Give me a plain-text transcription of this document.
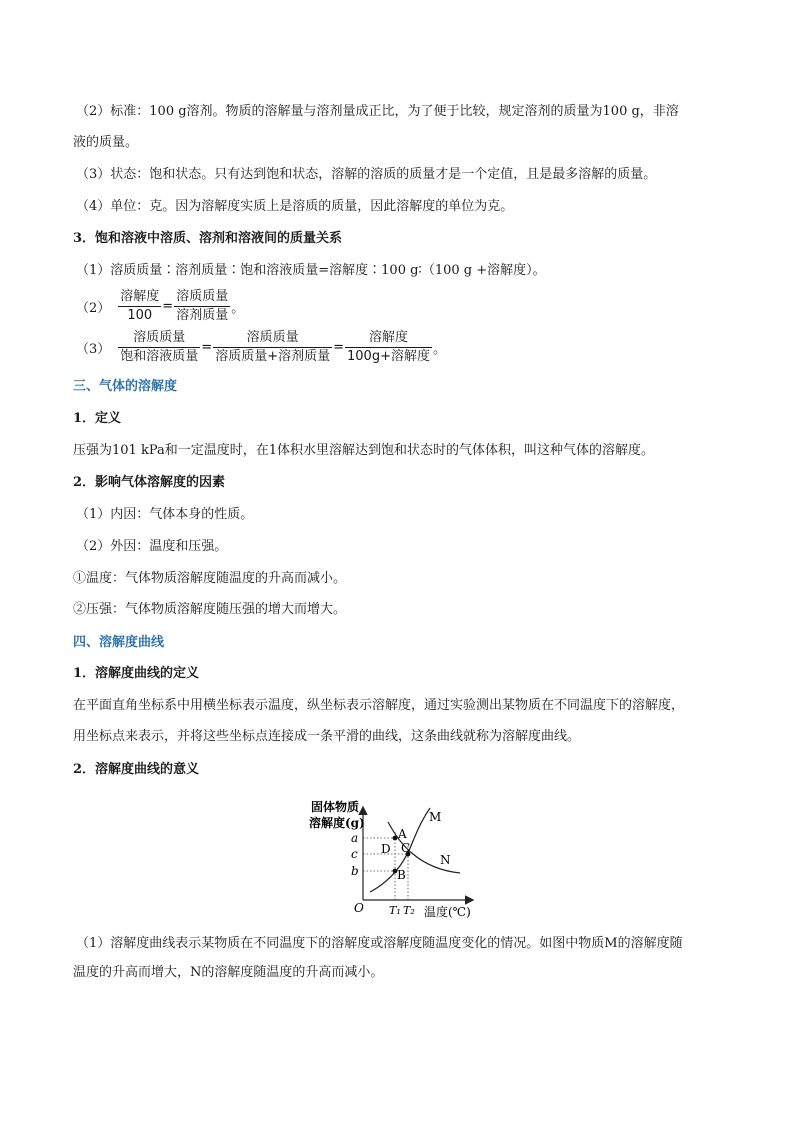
（2）标准：100 g溶剂。物质的溶解量与溶剂量成正比，为了便于比较，规定溶剂的质量为100 g，非溶
液的质量。
（3）状态：饱和状态。只有达到饱和状态，溶解的溶质的质量才是一个定值，且是最多溶解的质量。
（4）单位：克。因为溶解度实质上是溶质的质量，因此溶解度的单位为克。
3．饱和溶液中溶质、溶剂和溶液间的质量关系
（1）溶质质量∶溶剂质量∶饱和溶液质量=溶解度∶100 g∶（100 g +溶解度）。
$(2) \frac{\text{溶解度}}{100} = \frac{\text{溶质质量}}{\text{溶剂质量}}$ 。
$(3) \frac{\text{溶质质量}}{\text{饱和溶液质量}} = \frac{\text{溶质质量}}{\text{溶质质量+溶剂质量}} = \frac{\text{溶解度}}{\text{100g+溶解度}}$ 。
三、气体的溶解度
1．定义
压强为101 kPa和一定温度时，在1体积水里溶解达到饱和状态时的气体体积，叫这种气体的溶解度。
2．影响气体溶解度的因素
（1）内因：气体本身的性质。
（2）外因：温度和压强。
①温度：气体物质溶解度随温度的升高而减小。
②压强：气体物质溶解度随压强的增大而增大。
四、溶解度曲线
1．溶解度曲线的定义
在平面直角坐标系中用横坐标表示温度，纵坐标表示溶解度，通过实验测出某物质在不同温度下的溶解度，
用坐标点来表示，并将这些坐标点连接成一条平滑的曲线，这条曲线就称为溶解度曲线。
2．溶解度曲线的意义
固体物质
溶解度(g)
温度(℃)
O
a
c
b
T₁ T₂
M
N
A
D C
B
（1）溶解度曲线表示某物质在不同温度下的溶解度或溶解度随温度变化的情况。如图中物质M的溶解度随
温度的升高而增大，N的溶解度随温度的升高而减小。
